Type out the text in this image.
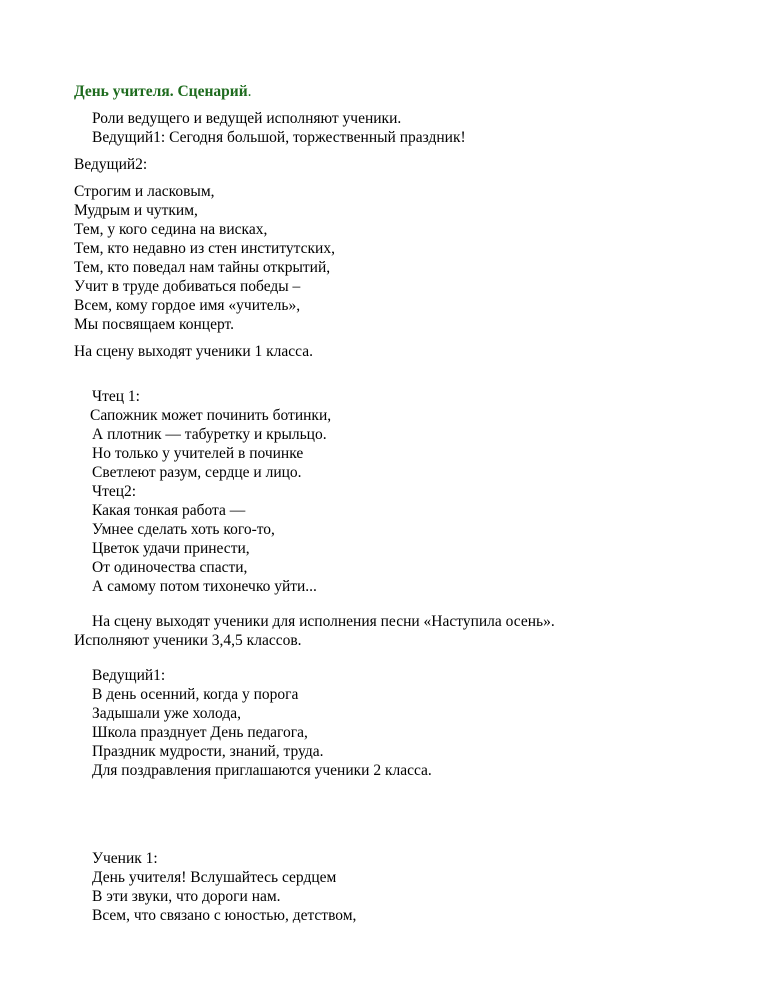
День учителя. Сценарий.
Роли ведущего и ведущей исполняют ученики.
Ведущий1: Сегодня большой, торжественный праздник!
Ведущий2:
Строгим и ласковым,
Мудрым и чутким,
Тем, у кого седина на висках,
Тем, кто недавно из стен институтских,
Тем, кто поведал нам тайны открытий,
Учит в труде добиваться победы –
Всем, кому гордое имя «учитель»,
Мы посвящаем концерт.
На сцену выходят ученики 1 класса.
Чтец 1:
Сапожник может починить ботинки,
А плотник — табуретку и крыльцо.
Но только у учителей в починке
Светлеют разум, сердце и лицо.
Чтец2:
Какая тонкая работа —
Умнее сделать хоть кого-то,
Цветок удачи принести,
От одиночества спасти,
А самому потом тихонечко уйти...
На сцену выходят ученики для исполнения песни «Наступила осень».
Исполняют ученики 3,4,5 классов.
Ведущий1:
В день осенний, когда у порога
Задышали уже холода,
Школа празднует День педагога,
Праздник мудрости, знаний, труда.
Для поздравления приглашаются ученики 2 класса.
Ученик 1:
День учителя! Вслушайтесь сердцем
В эти звуки, что дороги нам.
Всем, что связано с юностью, детством,
